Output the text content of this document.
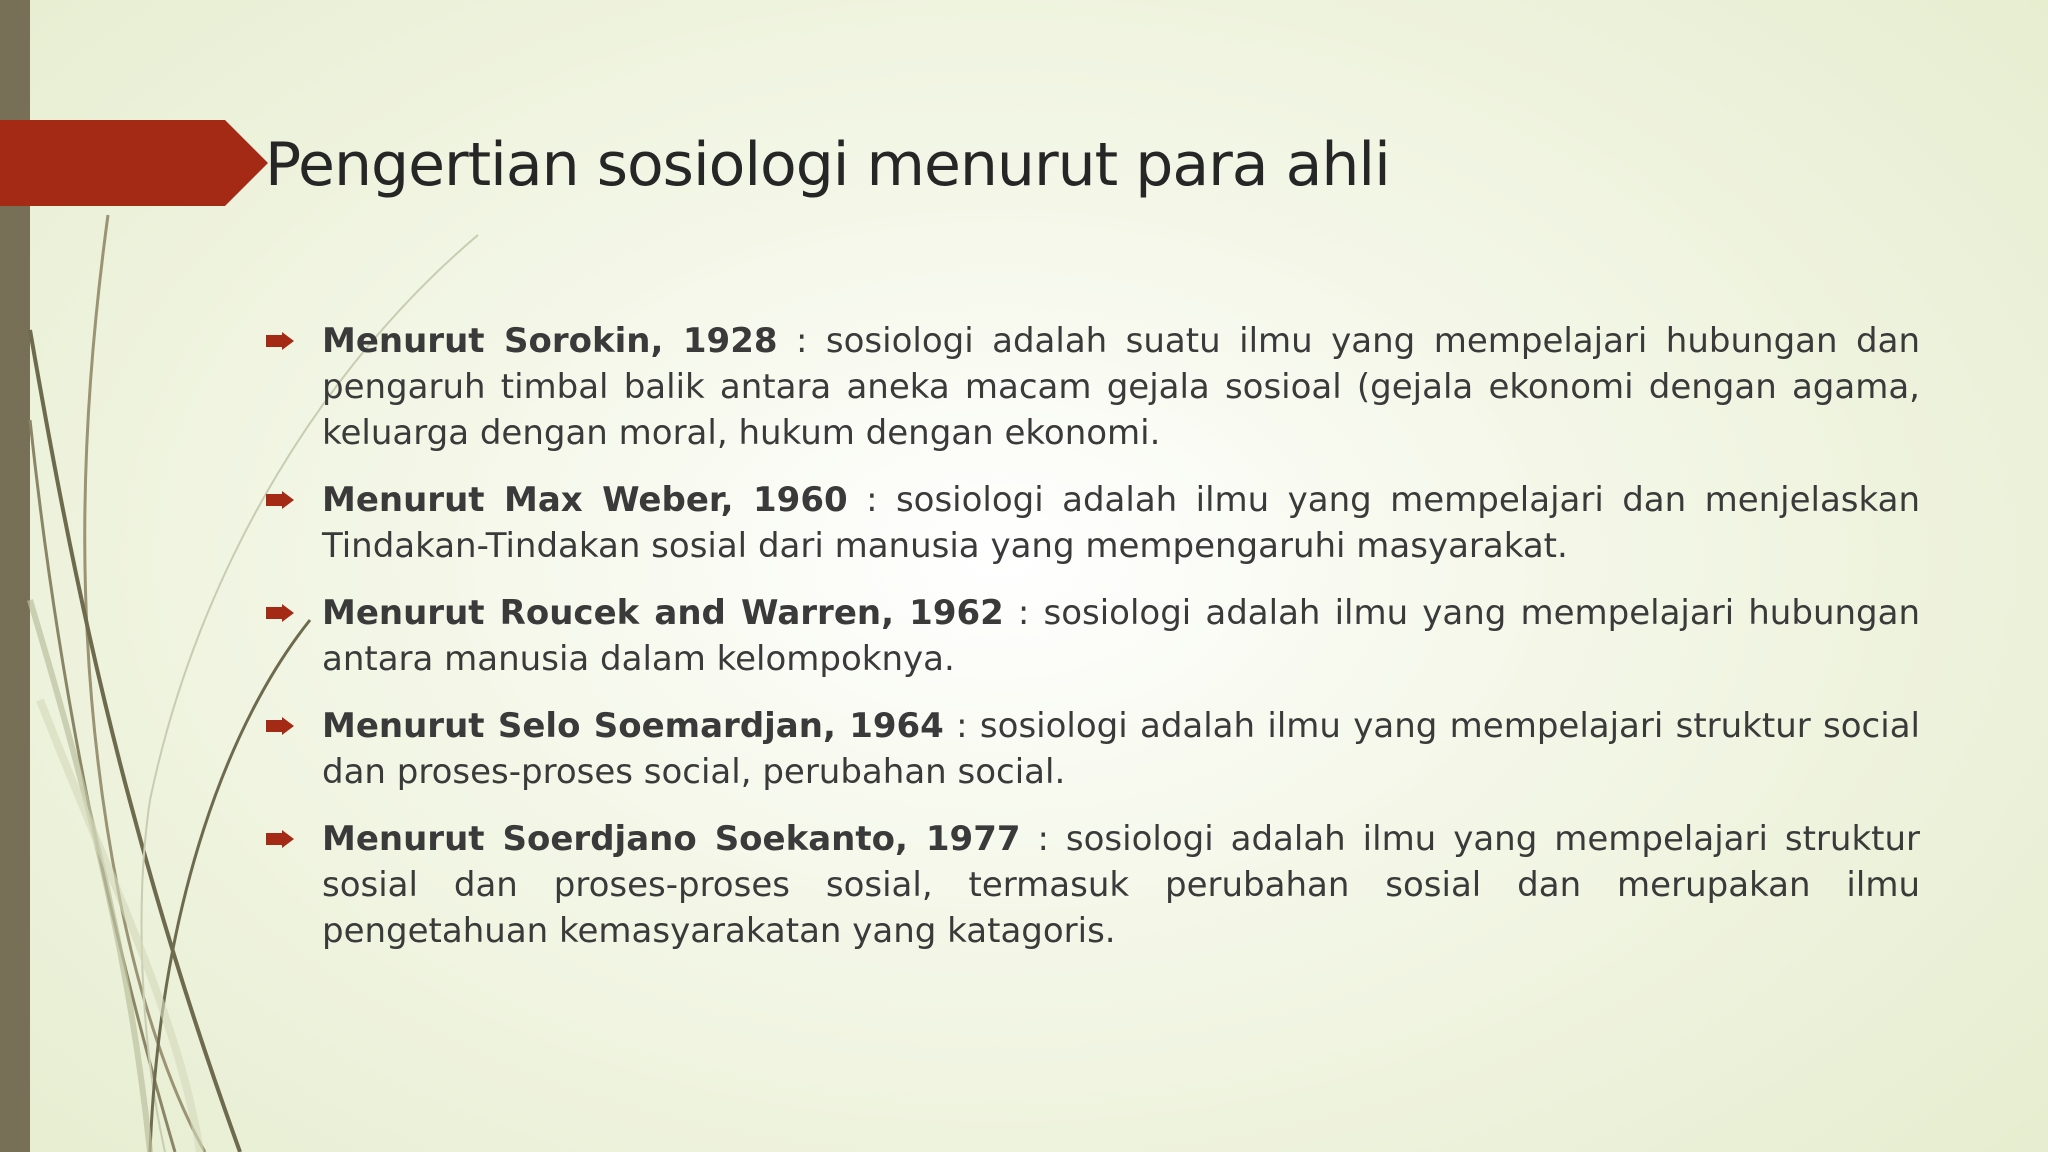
Pengertian sosiologi menurut para ahli
Menurut Sorokin, 1928 : sosiologi adalah suatu ilmu yang mempelajari hubungan dan pengaruh timbal balik antara aneka macam gejala sosioal (gejala ekonomi dengan agama, keluarga dengan moral, hukum dengan ekonomi.
Menurut Max Weber, 1960 : sosiologi adalah ilmu yang mempelajari dan menjelaskan Tindakan-Tindakan sosial dari manusia yang mempengaruhi masyarakat.
Menurut Roucek and Warren, 1962 : sosiologi adalah ilmu yang mempelajari hubungan antara manusia dalam kelompoknya.
Menurut Selo Soemardjan, 1964 : sosiologi adalah ilmu yang mempelajari struktur social dan proses-proses social, perubahan social.
Menurut Soerdjano Soekanto, 1977 : sosiologi adalah ilmu yang mempelajari struktur sosial dan proses-proses sosial, termasuk perubahan sosial dan merupakan ilmu pengetahuan kemasyarakatan yang katagoris.
